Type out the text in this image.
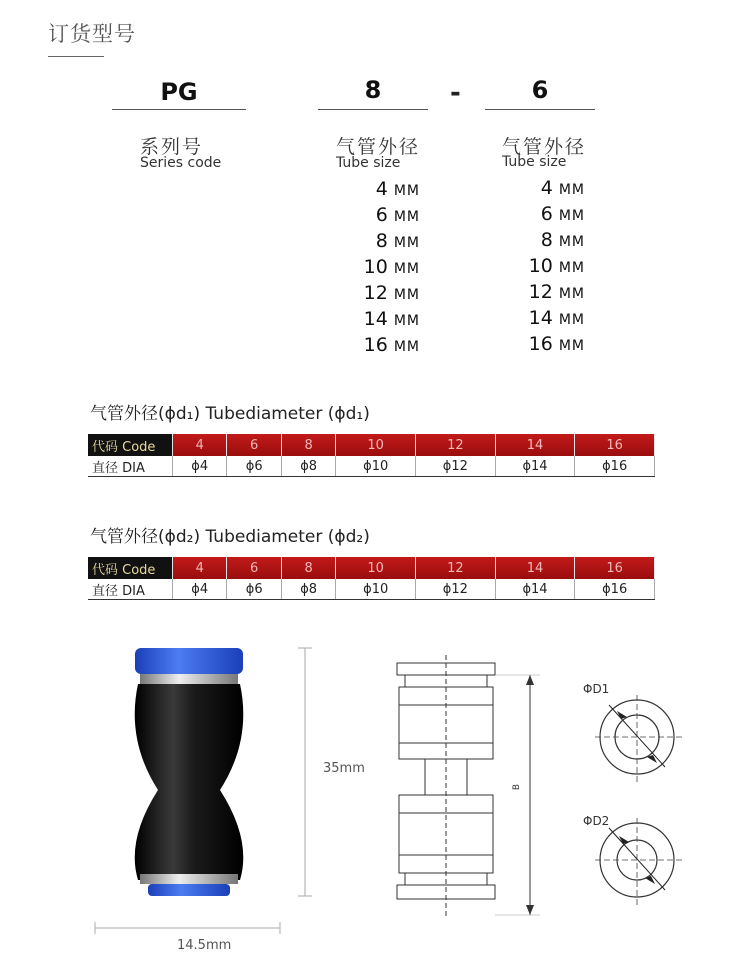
订货型号
PG	8	-	6
系列号
Series code
气管外径
Tube size
气管外径
Tube size
4 MM
6 MM
8 MM
10 MM
12 MM
14 MM
16 MM
4 MM
6 MM
8 MM
10 MM
12 MM
14 MM
16 MM
气管外径(ϕd₁) Tubediameter (ϕd₁)
代码 Code	4	6	8	10	12	14	16
直径 DIA	ϕ4	ϕ6	ϕ8	ϕ10	ϕ12	ϕ14	ϕ16
气管外径(ϕd₂) Tubediameter (ϕd₂)
代码 Code	4	6	8	10	12	14	16
直径 DIA	ϕ4	ϕ6	ϕ8	ϕ10	ϕ12	ϕ14	ϕ16
35mm
14.5mm
B
ΦD1
ΦD2
